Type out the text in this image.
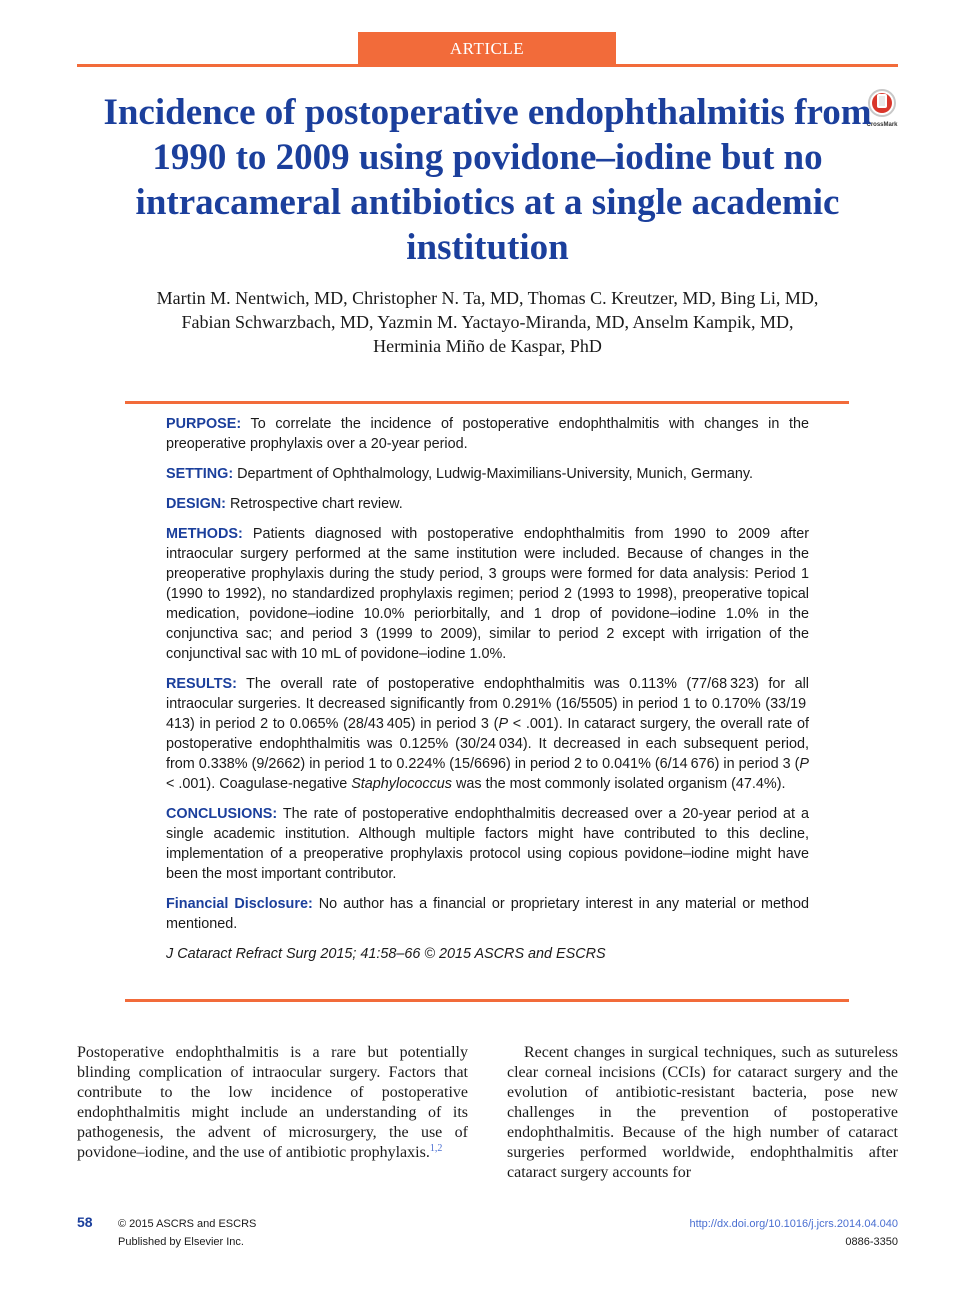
ARTICLE
CrossMark
Incidence of postoperative endophthalmitis from 1990 to 2009 using povidone–iodine but no intracameral antibiotics at a single academic institution
Martin M. Nentwich, MD, Christopher N. Ta, MD, Thomas C. Kreutzer, MD, Bing Li, MD,
Fabian Schwarzbach, MD, Yazmin M. Yactayo-Miranda, MD, Anselm Kampik, MD,
Herminia Miño de Kaspar, PhD

PURPOSE: To correlate the incidence of postoperative endophthalmitis with changes in the preoperative prophylaxis over a 20-year period.

SETTING: Department of Ophthalmology, Ludwig-Maximilians-University, Munich, Germany.

DESIGN: Retrospective chart review.

METHODS: Patients diagnosed with postoperative endophthalmitis from 1990 to 2009 after intraocular surgery performed at the same institution were included. Because of changes in the preoperative prophylaxis during the study period, 3 groups were formed for data analysis: Period 1 (1990 to 1992), no standardized prophylaxis regimen; period 2 (1993 to 1998), preoperative topical medication, povidone–iodine 10.0% periorbitally, and 1 drop of povidone–iodine 1.0% in the conjunctiva sac; and period 3 (1999 to 2009), similar to period 2 except with irrigation of the conjunctival sac with 10 mL of povidone–iodine 1.0%.

RESULTS: The overall rate of postoperative endophthalmitis was 0.113% (77/68 323) for all intraocular surgeries. It decreased significantly from 0.291% (16/5505) in period 1 to 0.170% (33/19 413) in period 2 to 0.065% (28/43 405) in period 3 (P < .001). In cataract surgery, the overall rate of postoperative endophthalmitis was 0.125% (30/24 034). It decreased in each subsequent period, from 0.338% (9/2662) in period 1 to 0.224% (15/6696) in period 2 to 0.041% (6/14 676) in period 3 (P < .001). Coagulase-negative Staphylococcus was the most commonly isolated organism (47.4%).

CONCLUSIONS: The rate of postoperative endophthalmitis decreased over a 20-year period at a single academic institution. Although multiple factors might have contributed to this decline, implementation of a preoperative prophylaxis protocol using copious povidone–iodine might have been the most important contributor.

Financial Disclosure: No author has a financial or proprietary interest in any material or method mentioned.

J Cataract Refract Surg 2015; 41:58–66 © 2015 ASCRS and ESCRS

Postoperative endophthalmitis is a rare but potentially blinding complication of intraocular surgery. Factors that contribute to the low incidence of postoperative endophthalmitis might include an understanding of its pathogenesis, the advent of microsurgery, the use of povidone–iodine, and the use of antibiotic prophylaxis.$^{1,2}$

Recent changes in surgical techniques, such as sutureless clear corneal incisions (CCIs) for cataract surgery and the evolution of antibiotic-resistant bacteria, pose new challenges in the prevention of postoperative endophthalmitis. Because of the high number of cataract surgeries performed worldwide, endophthalmitis after cataract surgery accounts for

58 © 2015 ASCRS and ESCRS
Published by Elsevier Inc.
http://dx.doi.org/10.1016/j.jcrs.2014.04.040
0886-3350
